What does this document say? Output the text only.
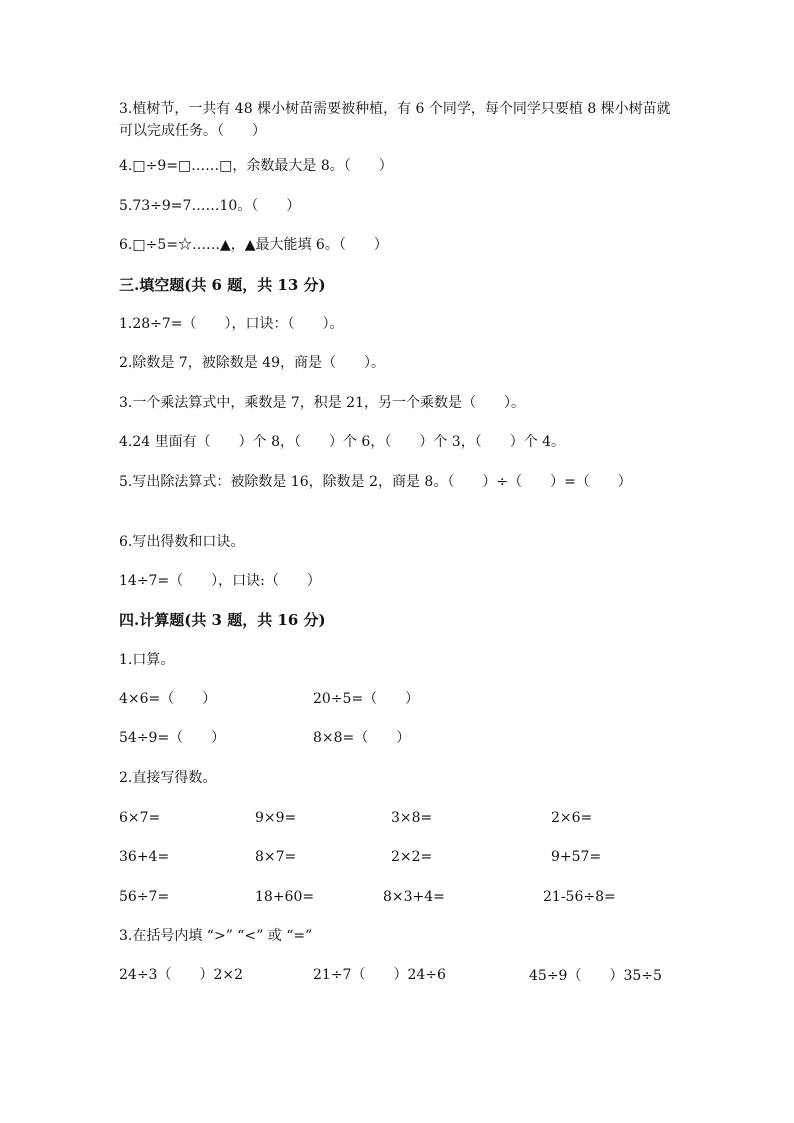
3.植树节，一共有 48 棵小树苗需要被种植，有 6 个同学，每个同学只要植 8 棵小树苗就可以完成任务。（　　）
4.□÷9=□……□，余数最大是 8。（　　）
5.73÷9=7……10。（　　）
6.□÷5=☆……▲，▲最大能填 6。（　　）
三.填空题(共 6 题，共 13 分)
1.28÷7=（　　），口诀：（　　）。
2.除数是 7，被除数是 49，商是（　　）。
3.一个乘法算式中，乘数是 7，积是 21，另一个乘数是（　　）。
4.24 里面有（　　）个 8，（　　）个 6，（　　）个 3，（　　）个 4。
5.写出除法算式：被除数是 16，除数是 2，商是 8。（　　）÷（　　）=（　　）
6.写出得数和口诀。
14÷7=（　　），口诀:（　　）
四.计算题(共 3 题，共 16 分)
1.口算。
4×6=（　　）	20÷5=（　　）
54÷9=（　　）	8×8=（　　）
2.直接写得数。
6×7=	9×9=	3×8=	2×6=
36+4=	8×7=	2×2=	9+57=
56÷7=	18+60=	8×3+4=	21-56÷8=
3.在括号内填 “>” “<” 或 “=”
24÷3（　　）2×2	21÷7（　　）24÷6	45÷9（　　）35÷5
